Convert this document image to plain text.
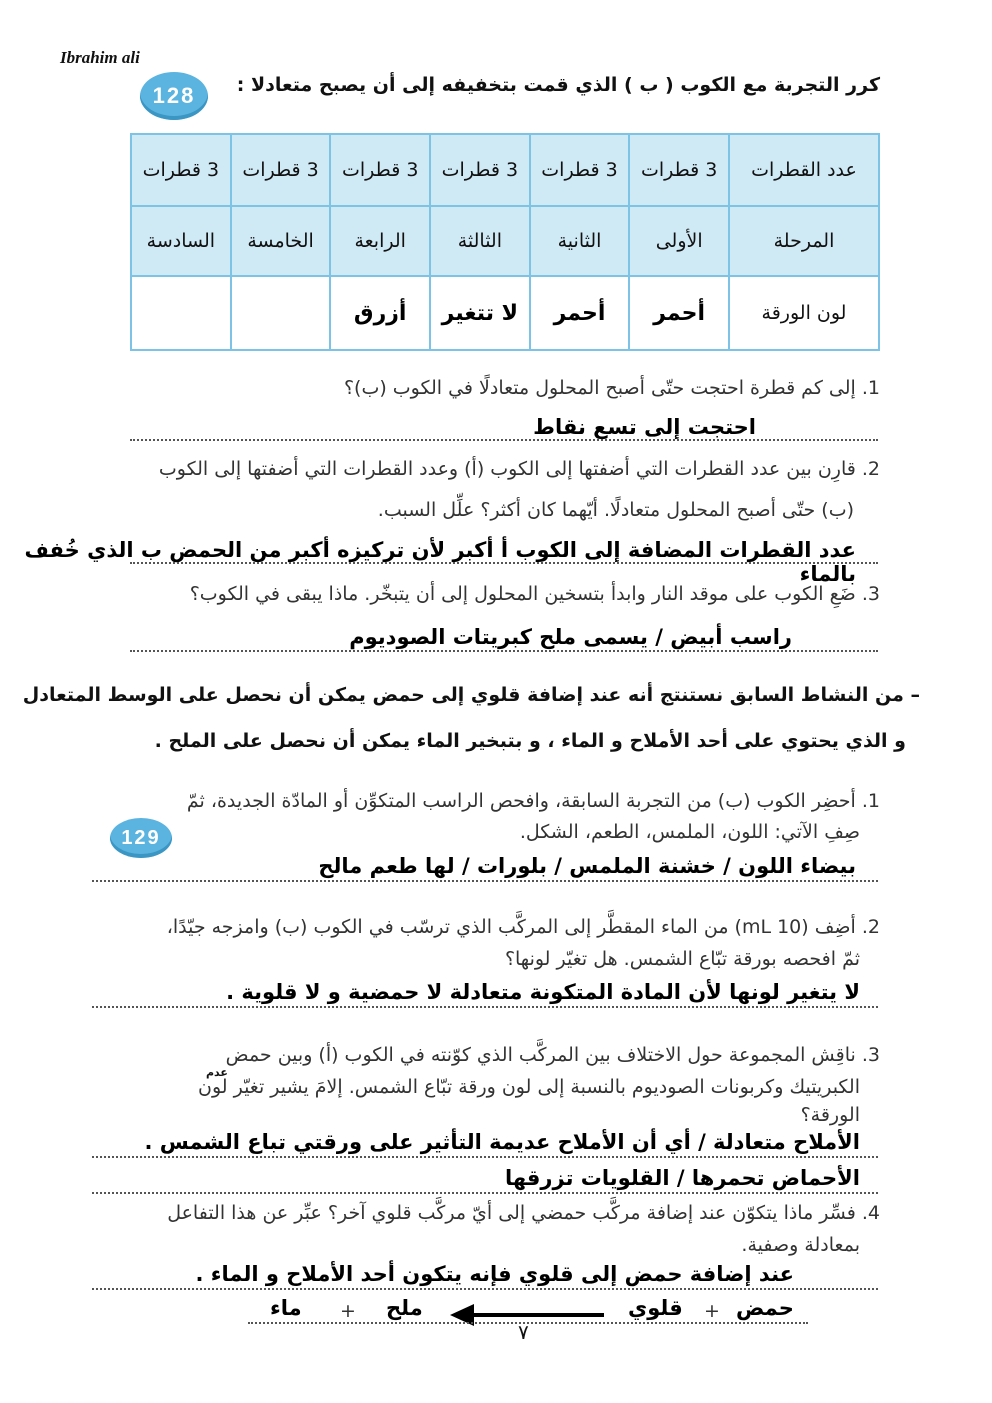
Ibrahim ali
128	كرر التجربة مع الكوب ( ب ) الذي قمت بتخفيفه إلى أن يصبح متعادلا :
عدد القطرات	3 قطرات	3 قطرات	3 قطرات	3 قطرات	3 قطرات	3 قطرات
المرحلة	الأولى	الثانية	الثالثة	الرابعة	الخامسة	السادسة
لون الورقة	أحمر	أحمر	لا تتغير	أزرق		
1. إلى كم قطرة احتجت حتّى أصبح المحلول متعادلًا في الكوب (ب)؟
احتجت إلى تسع نقاط
2. قارِن بين عدد القطرات التي أضفتها إلى الكوب (أ) وعدد القطرات التي أضفتها إلى الكوب
(ب) حتّى أصبح المحلول متعادلًا. أيّهما كان أكثر؟ علِّل السبب.
عدد القطرات المضافة إلى الكوب أ أكبر لأن تركيزه أكبر من الحمض ب الذي خُفف بالماء
3. ضَعِ الكوب على موقد النار وابدأ بتسخين المحلول إلى أن يتبخّر. ماذا يبقى في الكوب؟
راسب أبيض / يسمى ملح كبريتات الصوديوم
– من النشاط السابق نستنتج أنه عند إضافة قلوي إلى حمض يمكن أن نحصل على الوسط المتعادل
و الذي يحتوي على أحد الأملاح و الماء ، و بتبخير الماء يمكن أن نحصل على الملح .
129
1. أحضِر الكوب (ب) من التجربة السابقة، وافحص الراسب المتكوِّن أو المادّة الجديدة، ثمّ
صِفِ الآتي: اللون، الملمس، الطعم، الشكل.
بيضاء اللون / خشنة الملمس / بلورات / لها طعم مالح
2. أضِف (10 mL) من الماء المقطَّر إلى المركَّب الذي ترسّب في الكوب (ب) وامزجه جيّدًا،
ثمّ افحصه بورقة تبّاع الشمس. هل تغيّر لونها؟
لا يتغير لونها لأن المادة المتكونة متعادلة لا حمضية و لا قلوية .
3. ناقِش المجموعة حول الاختلاف بين المركَّب الذي كوّنته في الكوب (أ) وبين حمض
الكبريتيك وكربونات الصوديوم بالنسبة إلى لون ورقة تبّاع الشمس. إلامَ يشير تغيّر لون
عدم
الورقة؟
الأملاح متعادلة / أي أن الأملاح عديمة التأثير على ورقتي تباع الشمس .
الأحماض تحمرها / القلويات تزرقها
4. فسِّر ماذا يتكوّن عند إضافة مركَّب حمضي إلى أيّ مركَّب قلوي آخر؟ عبِّر عن هذا التفاعل
بمعادلة وصفية.
عند إضافة حمض إلى قلوي فإنه يتكون أحد الأملاح و الماء .
حمض
+
قلوي
ملح
+
ماء
٧
